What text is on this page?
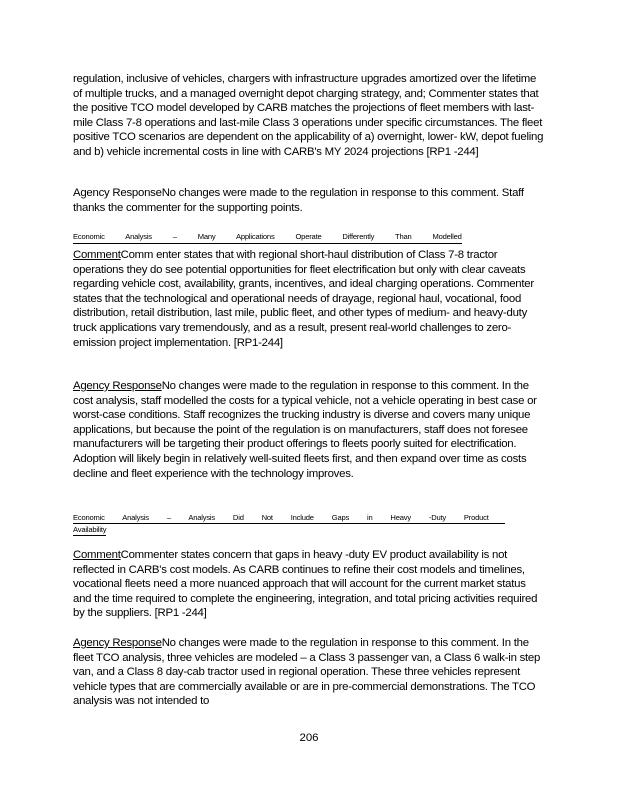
regulation, inclusive of vehicles, chargers with infrastructure upgrades amortized over the lifetime of multiple trucks, and a managed overnight depot charging strategy, and; Commenter states that the positive TCO model developed by CARB matches the projections of fleet members with last-mile Class 7-8 operations and last-mile Class 3 operations under specific circumstances. The fleet positive TCO scenarios are dependent on the applicability of a) overnight, lower- kW, depot fueling and b) vehicle incremental costs in line with CARB's MY 2024 projections [RP1 -244]

Agency ResponseNo changes were made to the regulation in response to this comment. Staff thanks the commenter for the supporting points.

Economic Analysis – Many Applications Operate Differently Than Modelled

CommentComm enter states that with regional short-haul distribution of Class 7-8 tractor operations they do see potential opportunities for fleet electrification but only with clear caveats regarding vehicle cost, availability, grants, incentives, and ideal charging operations. Commenter states that the technological and operational needs of drayage, regional haul, vocational, food distribution, retail distribution, last mile, public fleet, and other types of medium- and heavy-duty truck applications vary tremendously, and as a result, present real-world challenges to zero-emission project implementation. [RP1-244]

Agency ResponseNo changes were made to the regulation in response to this comment. In the cost analysis, staff modelled the costs for a typical vehicle, not a vehicle operating in best case or worst-case conditions. Staff recognizes the trucking industry is diverse and covers many unique applications, but because the point of the regulation is on manufacturers, staff does not foresee manufacturers will be targeting their product offerings to fleets poorly suited for electrification. Adoption will likely begin in relatively well-suited fleets first, and then expand over time as costs decline and fleet experience with the technology improves.

Economic Analysis – Analysis Did Not Include Gaps in Heavy -Duty Product
Availability

CommentCommenter states concern that gaps in heavy -duty EV product availability is not reflected in CARB's cost models. As CARB continues to refine their cost models and timelines, vocational fleets need a more nuanced approach that will account for the current market status and the time required to complete the engineering, integration, and total pricing activities required by the suppliers. [RP1 -244]

Agency ResponseNo changes were made to the regulation in response to this comment. In the fleet TCO analysis, three vehicles are modeled – a Class 3 passenger van, a Class 6 walk-in step van, and a Class 8 day-cab tractor used in regional operation. These three vehicles represent vehicle types that are commercially available or are in pre-commercial demonstrations. The TCO analysis was not intended to

206
